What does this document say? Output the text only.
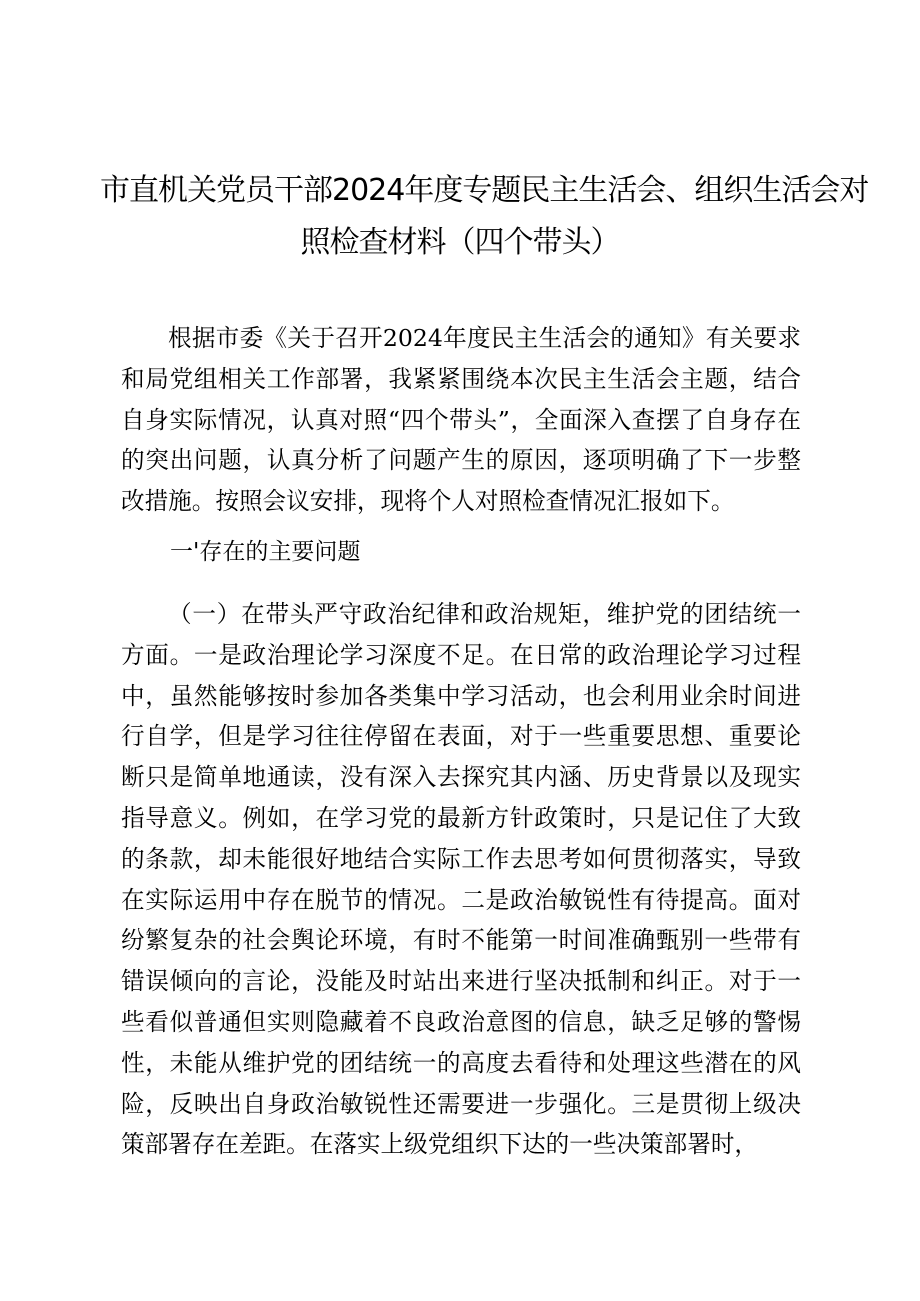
市直机关党员干部2024年度专题民主生活会、组织生活会对
照检查材料（四个带头）

根据市委《关于召开2024年度民主生活会的通知》有关要求和局党组相关工作部署，我紧紧围绕本次民主生活会主题，结合自身实际情况，认真对照“四个带头”，全面深入查摆了自身存在的突出问题，认真分析了问题产生的原因，逐项明确了下一步整改措施。按照会议安排，现将个人对照检查情况汇报如下。

一'存在的主要问题

（一）在带头严守政治纪律和政治规矩，维护党的团结统一方面。一是政治理论学习深度不足。在日常的政治理论学习过程中，虽然能够按时参加各类集中学习活动，也会利用业余时间进行自学，但是学习往往停留在表面，对于一些重要思想、重要论断只是简单地通读，没有深入去探究其内涵、历史背景以及现实指导意义。例如，在学习党的最新方针政策时，只是记住了大致的条款，却未能很好地结合实际工作去思考如何贯彻落实，导致在实际运用中存在脱节的情况。二是政治敏锐性有待提高。面对纷繁复杂的社会舆论环境，有时不能第一时间准确甄别一些带有错误倾向的言论，没能及时站出来进行坚决抵制和纠正。对于一些看似普通但实则隐藏着不良政治意图的信息，缺乏足够的警惕性，未能从维护党的团结统一的高度去看待和处理这些潜在的风险，反映出自身政治敏锐性还需要进一步强化。三是贯彻上级决策部署存在差距。在落实上级党组织下达的一些决策部署时，
